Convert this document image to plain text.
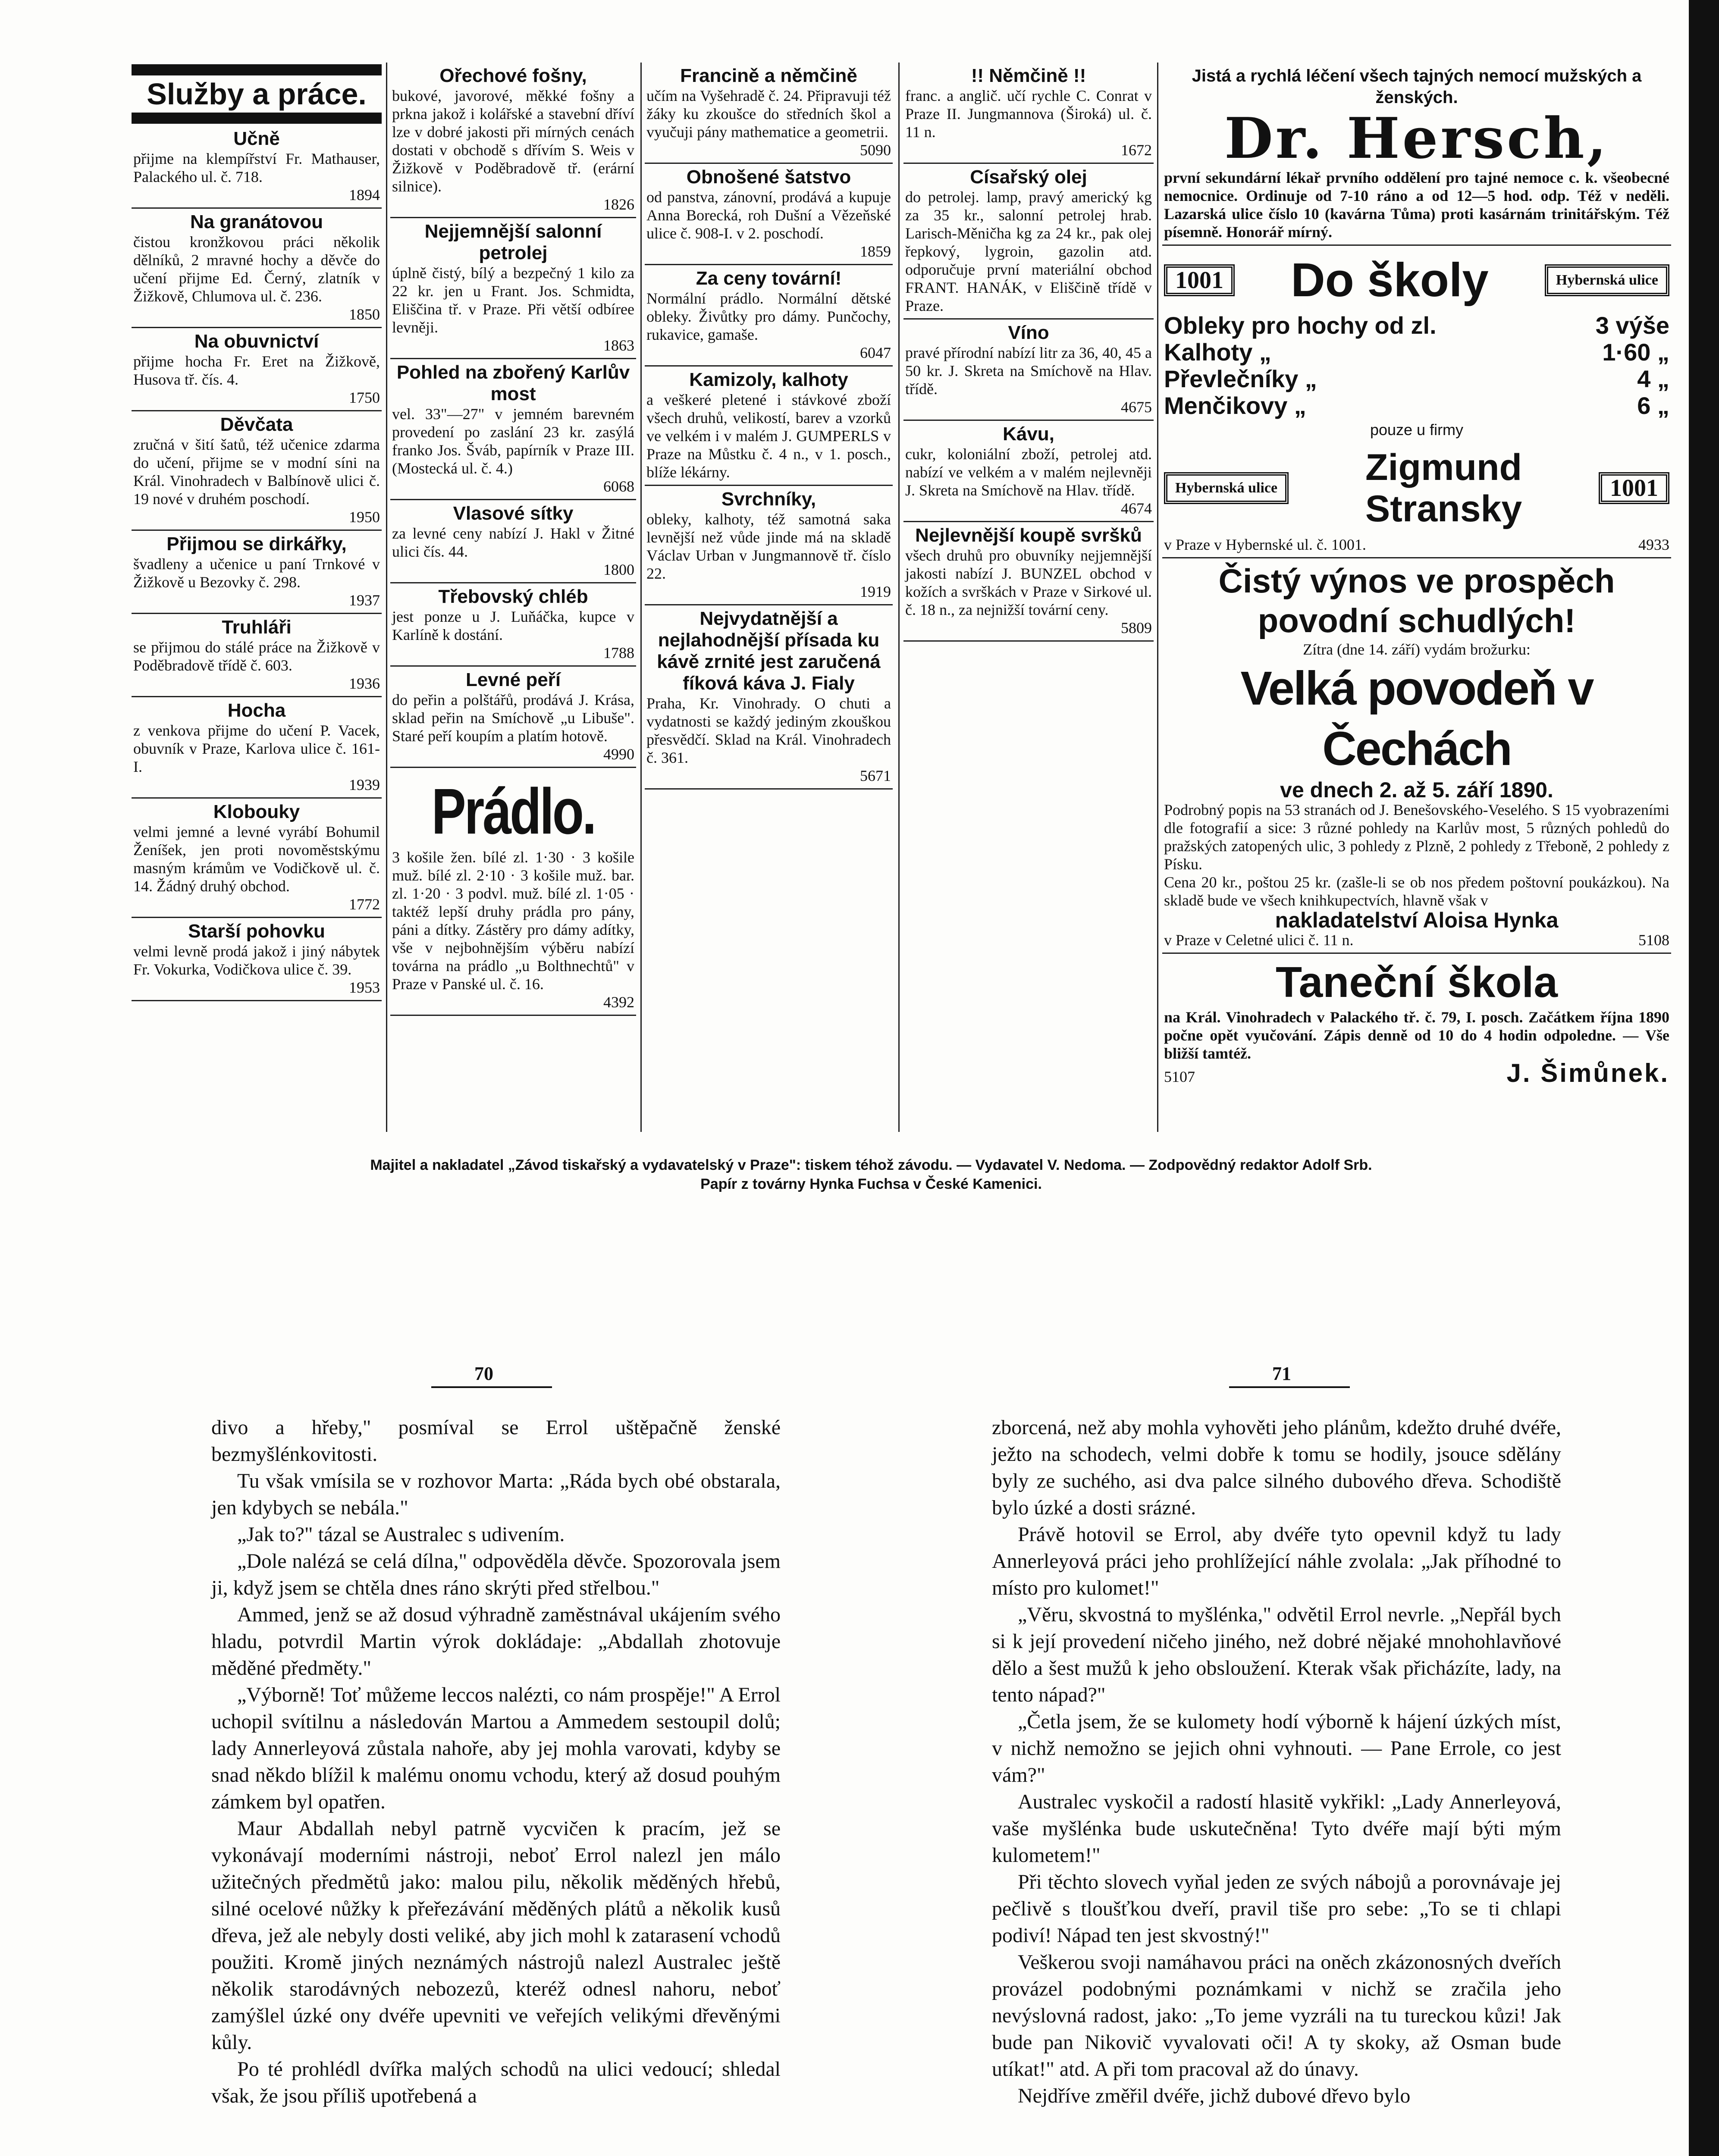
Služby a práce.
Učně
přijme na klempířství Fr. Mathauser, Palackého ul. č. 718.
1894
Na granátovou
čistou kronžkovou práci několik dělníků, 2 mravné hochy a děvče do učení přijme Ed. Černý, zlatník v Žižkově, Chlumova ul. č. 236.
1850
Na obuvnictví
přijme hocha Fr. Eret na Žižkově, Husova tř. čís. 4.
1750
Děvčata
zručná v šití šatů, též učenice zdarma do učení, přijme se v modní síni na Král. Vinohradech v Balbínově ulici č. 19 nové v druhém poschodí.
1950
Přijmou se dirkářky,
švadleny a učenice u paní Trnkové v Žižkově u Bezovky č. 298.
1937
Truhláři
se přijmou do stálé práce na Žižkově v Poděbradově třídě č. 603.
1936
Hocha
z venkova přijme do učení P. Vacek, obuvník v Praze, Karlova ulice č. 161-I.
1939
Klobouky
velmi jemné a levné vyrábí Bohumil Ženíšek, jen proti novoměstskýmu masným krámům ve Vodičkově ul. č. 14. Žádný druhý obchod.
1772
Starší pohovku
velmi levně prodá jakož i jiný nábytek Fr. Vokurka, Vodičkova ulice č. 39.
1953
Ořechové fošny,
bukové, javorové, měkké fošny a prkna jakož i kolářské a stavební dříví lze v dobré jakosti při mírných cenách dostati v obchodě s dřívím S. Weis v Žižkově v Poděbradově tř. (erární silnice).
1826
Nejjemnější salonní petrolej
úplně čistý, bílý a bezpečný 1 kilo za 22 kr. jen u Frant. Jos. Schmidta, Eliščina tř. v Praze. Při větší odbíree levněji.
1863
Pohled na zbořený Karlův most
vel. 33"—27" v jemném barevném provedení po zaslání 23 kr. zasýlá franko Jos. Šváb, papírník v Praze III. (Mostecká ul. č. 4.)
6068
Vlasové sítky
za levné ceny nabízí J. Hakl v Žitné ulici čís. 44.
1800
Třebovský chléb
jest ponze u J. Luňáčka, kupce v Karlíně k dostání.
1788
Levné peří
do peřin a polštářů, prodává J. Krása, sklad peřin na Smíchově „u Libuše". Staré peří koupím a platím hotově.
4990
Prádlo.
3 košile žen. bílé zl. 1·30 · 3 košile muž. bílé zl. 2·10 · 3 košile muž. bar. zl. 1·20 · 3 podvl. muž. bílé zl. 1·05 · taktéž lepší druhy prádla pro pány, páni a dítky. Zástěry pro dámy adítky, vše v nejbohnějším výběru nabízí továrna na prádlo „u Bolthnechtů" v Praze v Panské ul. č. 16.
4392
Francině a němčině
učím na Vyšehradě č. 24. Připravuji též žáky ku zkoušce do středních škol a vyučuji pány mathematice a geometrii.
5090
Obnošené šatstvo
od panstva, zánovní, prodává a kupuje Anna Borecká, roh Dušní a Vězeňské ulice č. 908-I. v 2. poschodí.
1859
Za ceny tovární!
Normální prádlo. Normální dětské obleky. Živůtky pro dámy. Punčochy, rukavice, gamaše.
6047
Kamizoly, kalhoty
a veškeré pletené i stávkové zboží všech druhů, velikostí, barev a vzorků ve velkém i v malém J. GUMPERLS v Praze na Můstku č. 4 n., v 1. posch., blíže lékárny.
Svrchníky,
obleky, kalhoty, též samotná saka levnější než vůde jinde má na skladě Václav Urban v Jungmannově tř. číslo 22.
1919
Nejvydatnější a nejlahodnější přísada ku kávě zrnité jest zaručená fíková káva J. Fialy
Praha, Kr. Vinohrady. O chuti a vydatnosti se každý jediným zkouškou přesvědčí. Sklad na Král. Vinohradech č. 361.
5671
!! Němčině !!
franc. a anglič. učí rychle C. Conrat v Praze II. Jungmannova (Široká) ul. č. 11 n.
1672
Císařský olej
do petrolej. lamp, pravý americký kg za 35 kr., salonní petrolej hrab. Larisch-Měničha kg za 24 kr., pak olej řepkový, lygroin, gazolin atd. odporučuje první materiální obchod FRANT. HANÁK, v Eliščině třídě v Praze.
Víno
pravé přírodní nabízí litr za 36, 40, 45 a 50 kr. J. Skreta na Smíchově na Hlav. třídě.
4675
Kávu,
cukr, koloniální zboží, petrolej atd. nabízí ve velkém a v malém nejlevněji J. Skreta na Smíchově na Hlav. třídě.
4674
Nejlevnější koupě svršků
všech druhů pro obuvníky nejjemnější jakosti nabízí J. BUNZEL obchod v kožích a svrškách v Praze v Sirkové ul. č. 18 n., za nejnižší tovární ceny.
5809
Jistá a rychlá léčení všech tajných nemocí mužských a ženských.
Dr. Hersch,
první sekundární lékař prvního oddělení pro tajné nemoce c. k. všeobecné nemocnice. Ordinuje od 7-10 ráno a od 12—5 hod. odp. Též v neděli. Lazarská ulice číslo 10 (kavárna Tůma) proti kasárnám trinitářským. Též písemně. Honorář mírný.
1001	Do školy	Hybernská ulice
Obleky pro hochy od zl.	3 výše
Kalhoty „	1·60 „
Převlečníky „	4 „
Menčikovy „	6 „
pouze u firmy
Hybernská ulice	Zigmund Stransky	1001
v Praze v Hybernské ul. č. 1001.	4933
Čistý výnos ve prospěch povodní schudlých!
Zítra (dne 14. září) vydám brožurku:
Velká povodeň v Čechách
ve dnech 2. až 5. září 1890.
Podrobný popis na 53 stranách od J. Benešovského-Veselého. S 15 vyobrazeními dle fotografií a sice: 3 různé pohledy na Karlův most, 5 různých pohledů do pražských zatopených ulic, 3 pohledy z Plzně, 2 pohledy z Třeboně, 2 pohledy z Písku.
Cena 20 kr., poštou 25 kr. (zašle-li se ob nos předem poštovní poukázkou). Na skladě bude ve všech knihkupectvích, hlavně však v
nakladatelství Aloisa Hynka
v Praze v Celetné ulici č. 11 n.	5108
Taneční škola
na Král. Vinohradech v Palackého tř. č. 79, I. posch. Začátkem října 1890 počne opět vyučování. Zápis denně od 10 do 4 hodin odpoledne. — Vše bližší tamtéž.
5107	J. Šimůnek.
Majitel a nakladatel „Závod tiskařský a vydavatelský v Praze": tiskem téhož závodu. — Vydavatel V. Nedoma. — Zodpovědný redaktor Adolf Srb.
Papír z továrny Hynka Fuchsa v České Kamenici.
70	71

divo a hřeby," posmíval se Errol uštěpačně ženské bezmyšlénkovitosti.

Tu však vmísila se v rozhovor Marta: „Ráda bych obé obstarala, jen kdybych se nebála."

„Jak to?" tázal se Australec s udivením.

„Dole nalézá se celá dílna," odpověděla děvče. Spozorovala jsem ji, když jsem se chtěla dnes ráno skrýti před střelbou."

Ammed, jenž se až dosud výhradně zaměstnával ukájením svého hladu, potvrdil Martin výrok dokládaje: „Abdallah zhotovuje měděné předměty."

„Výborně! Toť můžeme leccos nalézti, co nám prospěje!" A Errol uchopil svítilnu a následován Martou a Ammedem sestoupil dolů; lady Annerleyová zůstala nahoře, aby jej mohla varovati, kdyby se snad někdo blížil k malému onomu vchodu, který až dosud pouhým zámkem byl opatřen.

Maur Abdallah nebyl patrně vycvičen k pracím, jež se vykonávají moderními nástroji, neboť Errol nalezl jen málo užitečných předmětů jako: malou pilu, několik měděných hřebů, silné ocelové nůžky k přeřezávání měděných plátů a několik kusů dřeva, jež ale nebyly dosti veliké, aby jich mohl k zatarasení vchodů použiti. Kromě jiných neznámých nástrojů nalezl Australec ještě několik starodávných nebozezů, kteréž odnesl nahoru, neboť zamýšlel úzké ony dvéře upevniti ve veřejích velikými dřevěnými kůly.

Po té prohlédl dvířka malých schodů na ulici vedoucí; shledal však, že jsou příliš upotřebená a

zborcená, než aby mohla vyhověti jeho plánům, kdežto druhé dvéře, ježto na schodech, velmi dobře k tomu se hodily, jsouce sdělány byly ze suchého, asi dva palce silného dubového dřeva. Schodiště bylo úzké a dosti srázné.

Právě hotovil se Errol, aby dvéře tyto opevnil když tu lady Annerleyová práci jeho prohlížející náhle zvolala: „Jak příhodné to místo pro kulomet!"

„Věru, skvostná to myšlénka," odvětil Errol nevrle. „Nepřál bych si k její provedení ničeho jiného, než dobré nějaké mnohohlavňové dělo a šest mužů k jeho obsloužení. Kterak však přicházíte, lady, na tento nápad?"

„Četla jsem, že se kulomety hodí výborně k hájení úzkých míst, v nichž nemožno se jejich ohni vyhnouti. — Pane Errole, co jest vám?"

Australec vyskočil a radostí hlasitě vykřikl: „Lady Annerleyová, vaše myšlénka bude uskutečněna! Tyto dvéře mají býti mým kulometem!"

Při těchto slovech vyňal jeden ze svých nábojů a porovnávaje jej pečlivě s tloušťkou dveří, pravil tiše pro sebe: „To se ti chlapi podiví! Nápad ten jest skvostný!"

Veškerou svoji namáhavou práci na oněch zkázonosných dveřích provázel podobnými poznámkami v nichž se zračila jeho nevýslovná radost, jako: „To jeme vyzráli na tu tureckou kůzi! Jak bude pan Nikovič vyvalovati oči! A ty skoky, až Osman bude utíkat!" atd. A při tom pracoval až do únavy.

Nejdříve změřil dvéře, jichž dubové dřevo bylo
